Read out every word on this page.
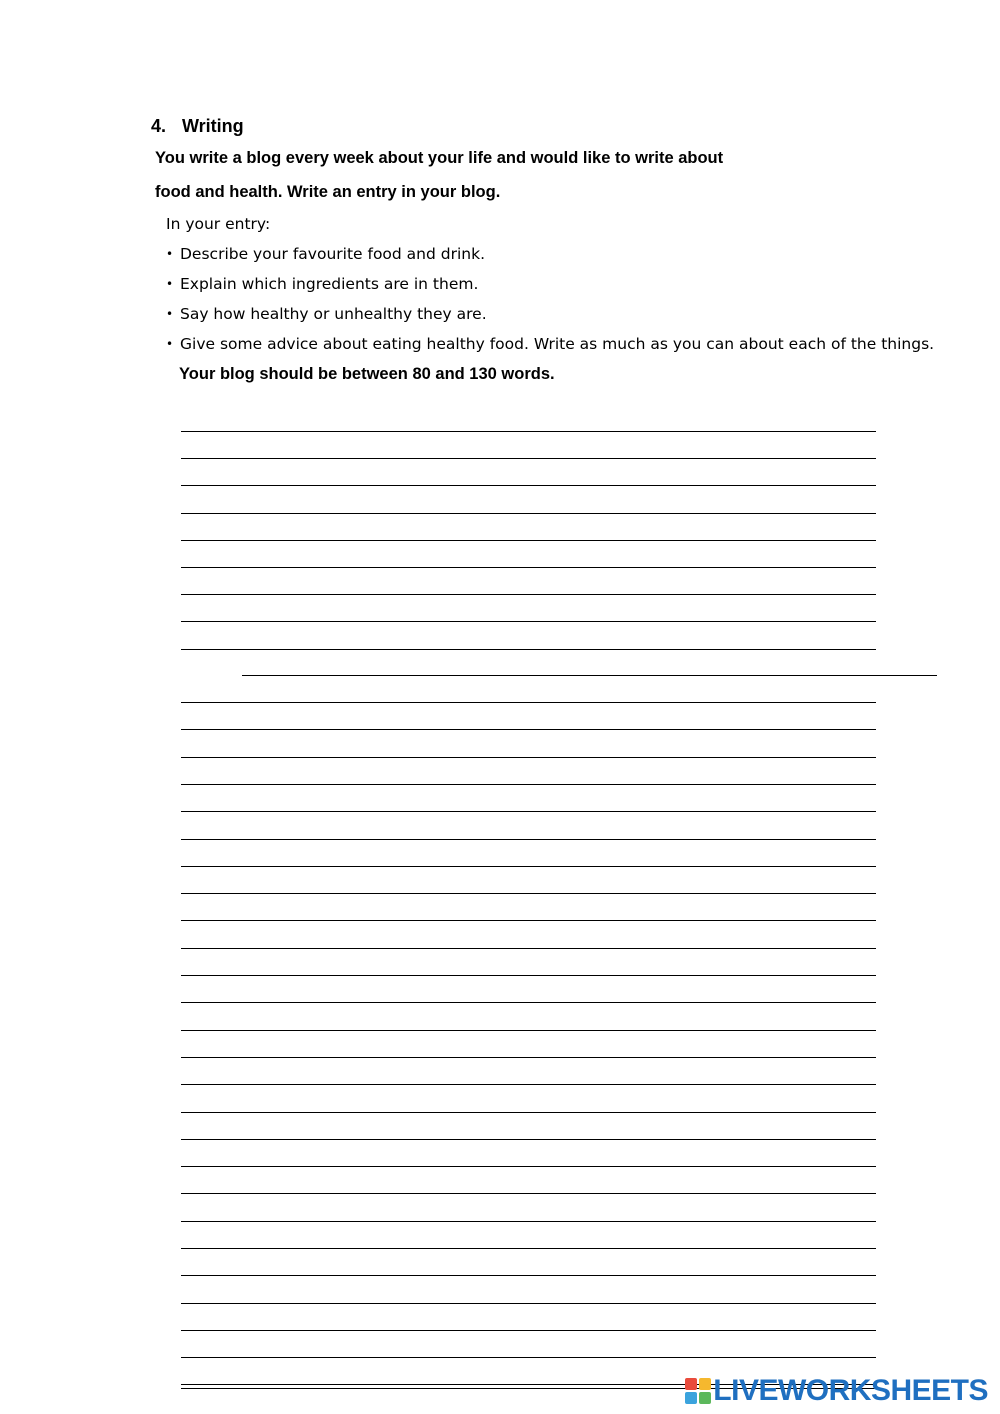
4. Writing
You write a blog every week about your life and would like to write about
food and health. Write an entry in your blog.
In your entry:
• Describe your favourite food and drink.
• Explain which ingredients are in them.
• Say how healthy or unhealthy they are.
• Give some advice about eating healthy food. Write as much as you can about each of the things.
Your blog should be between 80 and 130 words.
LIVEWORKSHEETS
